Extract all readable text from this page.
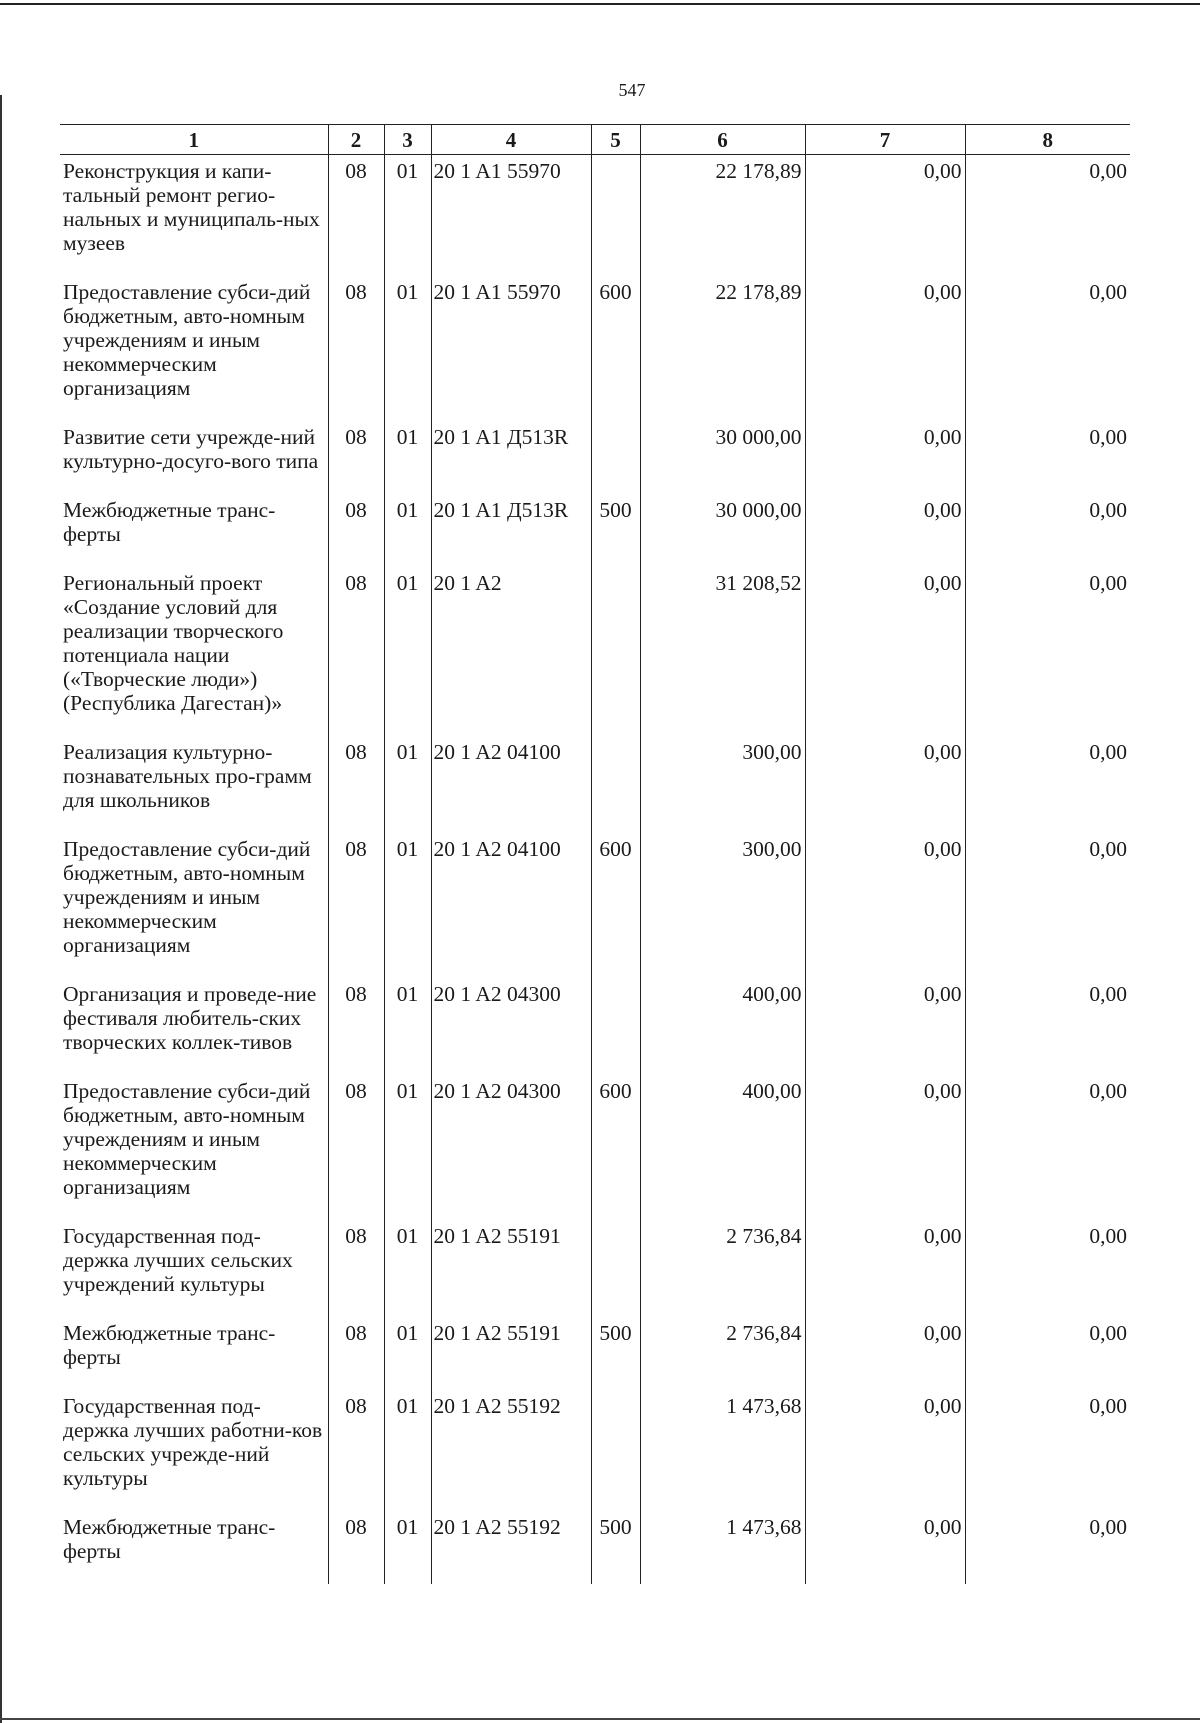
547
1	2	3	4	5	6	7	8
Реконструкция и капи-тальный ремонт регио-нальных и муниципаль-ных музеев	08	01	20 1 A1 55970		22 178,89	0,00	0,00
Предоставление субси-дий бюджетным, авто-номным учреждениям и иным некоммерческим организациям	08	01	20 1 A1 55970	600	22 178,89	0,00	0,00
Развитие сети учрежде-ний культурно-досуго-вого типа	08	01	20 1 A1 Д513R		30 000,00	0,00	0,00
Межбюджетные транс-ферты	08	01	20 1 A1 Д513R	500	30 000,00	0,00	0,00
Региональный проект «Создание условий для реализации творческого потенциала нации («Творческие люди») (Республика Дагестан)»	08	01	20 1 A2		31 208,52	0,00	0,00
Реализация культурно-познавательных про-грамм для школьников	08	01	20 1 A2 04100		300,00	0,00	0,00
Предоставление субси-дий бюджетным, авто-номным учреждениям и иным некоммерческим организациям	08	01	20 1 A2 04100	600	300,00	0,00	0,00
Организация и проведе-ние фестиваля любитель-ских творческих коллек-тивов	08	01	20 1 A2 04300		400,00	0,00	0,00
Предоставление субси-дий бюджетным, авто-номным учреждениям и иным некоммерческим организациям	08	01	20 1 A2 04300	600	400,00	0,00	0,00
Государственная под-держка лучших сельских учреждений культуры	08	01	20 1 A2 55191		2 736,84	0,00	0,00
Межбюджетные транс-ферты	08	01	20 1 A2 55191	500	2 736,84	0,00	0,00
Государственная под-держка лучших работни-ков сельских учрежде-ний культуры	08	01	20 1 A2 55192		1 473,68	0,00	0,00
Межбюджетные транс-ферты	08	01	20 1 A2 55192	500	1 473,68	0,00	0,00
